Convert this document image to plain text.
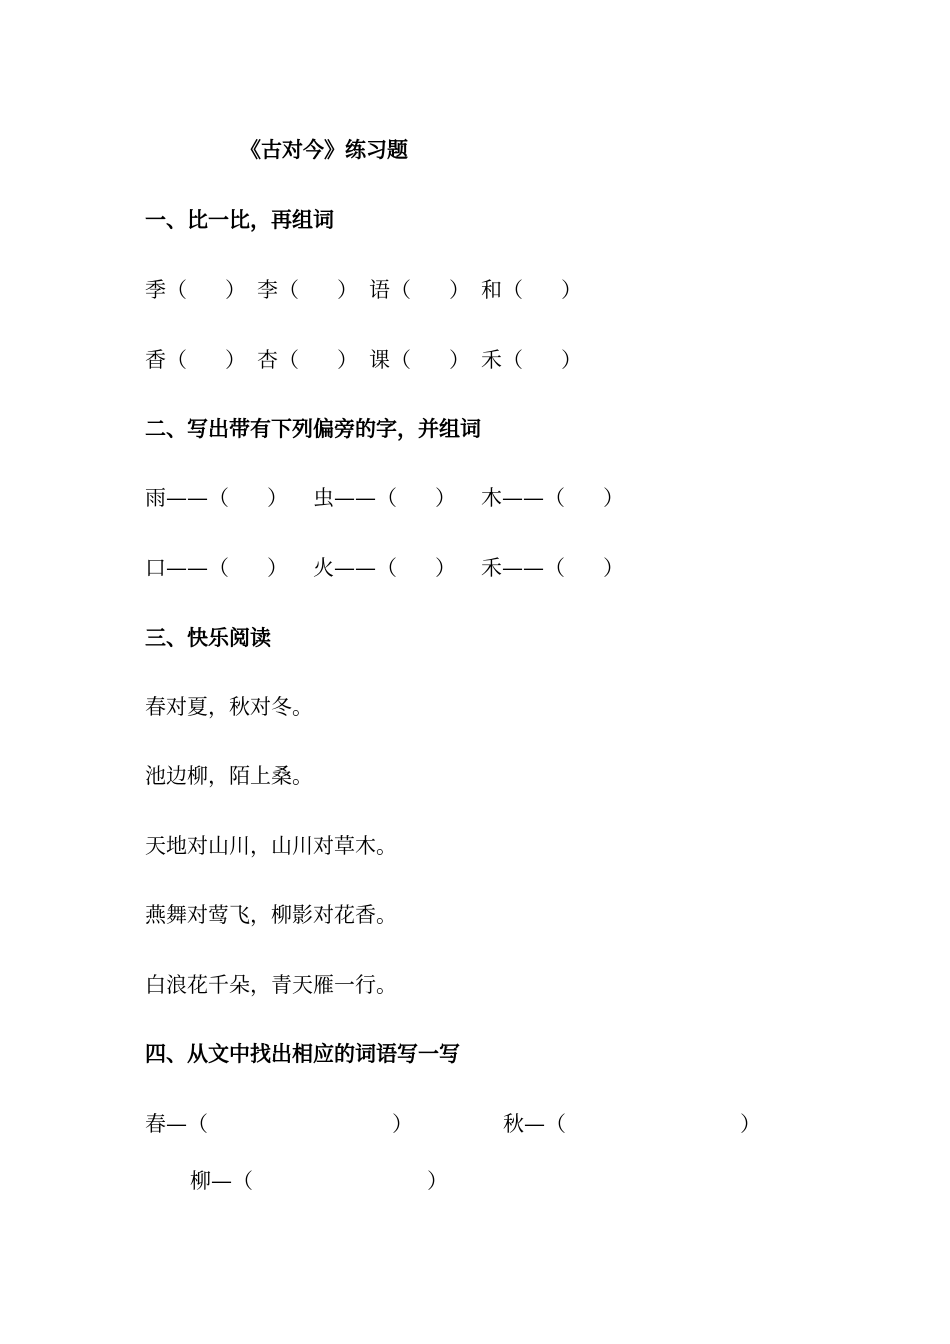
《古对今》练习题
一、比一比，再组词
季 （ ） 李 （ ） 语 （ ） 和 （ ）
香 （ ） 杏 （ ） 课 （ ） 禾 （ ）
二、写出带有下列偏旁的字，并组词
雨—— （ ） 虫—— （ ） 木—— （ ）
口—— （ ） 火—— （ ） 禾—— （ ）
三、快乐阅读
春对夏，秋对冬。
池边柳，陌上桑。
天地对山川，山川对草木。
燕舞对莺飞，柳影对花香。
白浪花千朵，青天雁一行。
四、从文中找出相应的词语写一写
春— （	）	秋— （	）
柳— （	）
